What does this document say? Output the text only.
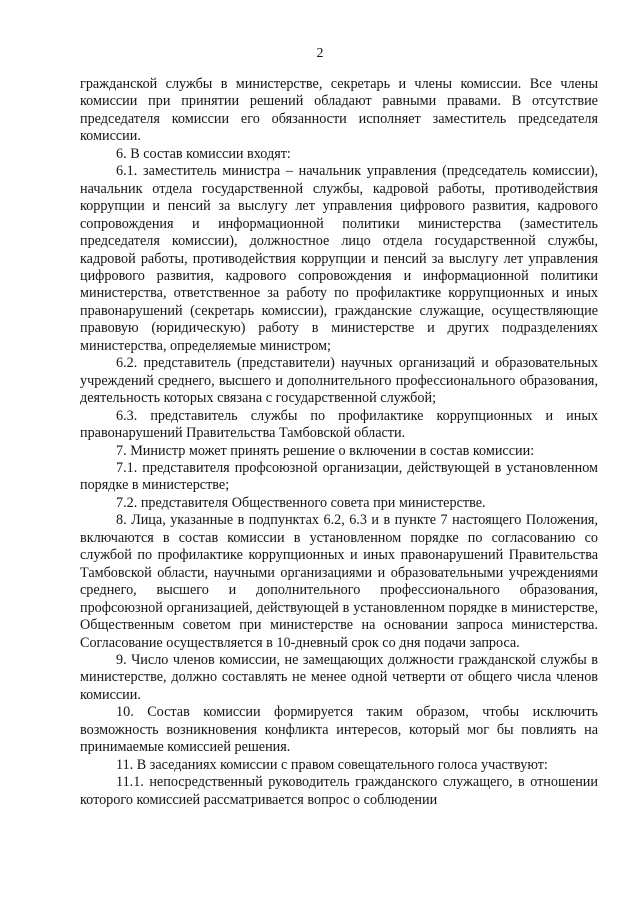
2

гражданской службы в министерстве, секретарь и члены комиссии. Все члены комиссии при принятии решений обладают равными правами. В отсутствие председателя комиссии его обязанности исполняет заместитель председателя комиссии.

6. В состав комиссии входят:

6.1. заместитель министра – начальник управления (председатель комиссии), начальник отдела государственной службы, кадровой работы, противодействия коррупции и пенсий за выслугу лет управления цифрового развития, кадрового сопровождения и информационной политики министерства (заместитель председателя комиссии), должностное лицо отдела государственной службы, кадровой работы, противодействия коррупции и пенсий за выслугу лет управления цифрового развития, кадрового сопровождения и информационной политики министерства, ответственное за работу по профилактике коррупционных и иных правонарушений (секретарь комиссии), гражданские служащие, осуществляющие правовую (юридическую) работу в министерстве и других подразделениях министерства, определяемые министром;

6.2. представитель (представители) научных организаций и образовательных учреждений среднего, высшего и дополнительного профессионального образования, деятельность которых связана с государственной службой;

6.3. представитель службы по профилактике коррупционных и иных правонарушений Правительства Тамбовской области.

7. Министр может принять решение о включении в состав комиссии:

7.1. представителя профсоюзной организации, действующей в установленном порядке в министерстве;

7.2. представителя Общественного совета при министерстве.

8. Лица, указанные в подпунктах 6.2, 6.3 и в пункте 7 настоящего Положения, включаются в состав комиссии в установленном порядке по согласованию со службой по профилактике коррупционных и иных правонарушений Правительства Тамбовской области, научными организациями и образовательными учреждениями среднего, высшего и дополнительного профессионального образования, профсоюзной организацией, действующей в установленном порядке в министерстве, Общественным советом при министерстве на основании запроса министерства. Согласование осуществляется в 10-дневный срок со дня подачи запроса.

9. Число членов комиссии, не замещающих должности гражданской службы в министерстве, должно составлять не менее одной четверти от общего числа членов комиссии.

10. Состав комиссии формируется таким образом, чтобы исключить возможность возникновения конфликта интересов, который мог бы повлиять на принимаемые комиссией решения.

11. В заседаниях комиссии с правом совещательного голоса участвуют:

11.1. непосредственный руководитель гражданского служащего, в отношении которого комиссией рассматривается вопрос о соблюдении
